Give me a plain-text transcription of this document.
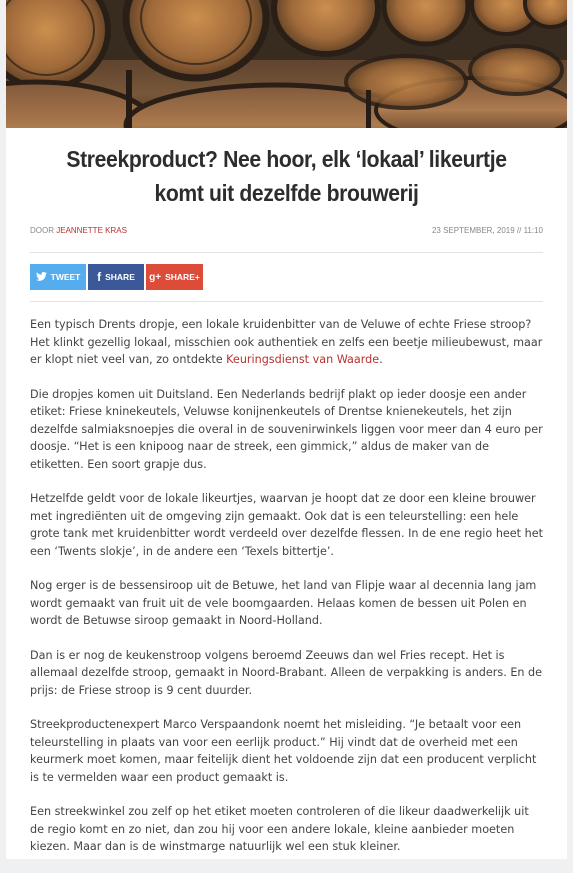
Streekproduct? Nee hoor, elk ‘lokaal’ likeurtje komt uit dezelfde brouwerij
DOOR JEANNETTE KRAS	23 SEPTEMBER, 2019 // 11:10
TWEET f SHARE g+ SHARE+

Een typisch Drents dropje, een lokale kruidenbitter van de Veluwe of echte Friese stroop? Het klinkt gezellig lokaal, misschien ook authentiek en zelfs een beetje milieubewust, maar er klopt niet veel van, zo ontdekte Keuringsdienst van Waarde.

Die dropjes komen uit Duitsland. Een Nederlands bedrijf plakt op ieder doosje een ander etiket: Friese kninekeutels, Veluwse konijnenkeutels of Drentse knienekeutels, het zijn dezelfde salmiaksnoepjes die overal in de souvenirwinkels liggen voor meer dan 4 euro per doosje. “Het is een knipoog naar de streek, een gimmick,” aldus de maker van de etiketten. Een soort grapje dus.

Hetzelfde geldt voor de lokale likeurtjes, waarvan je hoopt dat ze door een kleine brouwer met ingrediënten uit de omgeving zijn gemaakt. Ook dat is een teleurstelling: een hele grote tank met kruidenbitter wordt verdeeld over dezelfde flessen. In de ene regio heet het een ‘Twents slokje’, in de andere een ‘Texels bittertje’.

Nog erger is de bessensiroop uit de Betuwe, het land van Flipje waar al decennia lang jam wordt gemaakt van fruit uit de vele boomgaarden. Helaas komen de bessen uit Polen en wordt de Betuwse siroop gemaakt in Noord-Holland.

Dan is er nog de keukenstroop volgens beroemd Zeeuws dan wel Fries recept. Het is allemaal dezelfde stroop, gemaakt in Noord-Brabant. Alleen de verpakking is anders. En de prijs: de Friese stroop is 9 cent duurder.

Streekproductenexpert Marco Verspaandonk noemt het misleiding. “Je betaalt voor een teleurstelling in plaats van voor een eerlijk product.” Hij vindt dat de overheid met een keurmerk moet komen, maar feitelijk dient het voldoende zijn dat een producent verplicht is te vermelden waar een product gemaakt is.

Een streekwinkel zou zelf op het etiket moeten controleren of die likeur daadwerkelijk uit de regio komt en zo niet, dan zou hij voor een andere lokale, kleine aanbieder moeten kiezen. Maar dan is de winstmarge natuurlijk wel een stuk kleiner.
